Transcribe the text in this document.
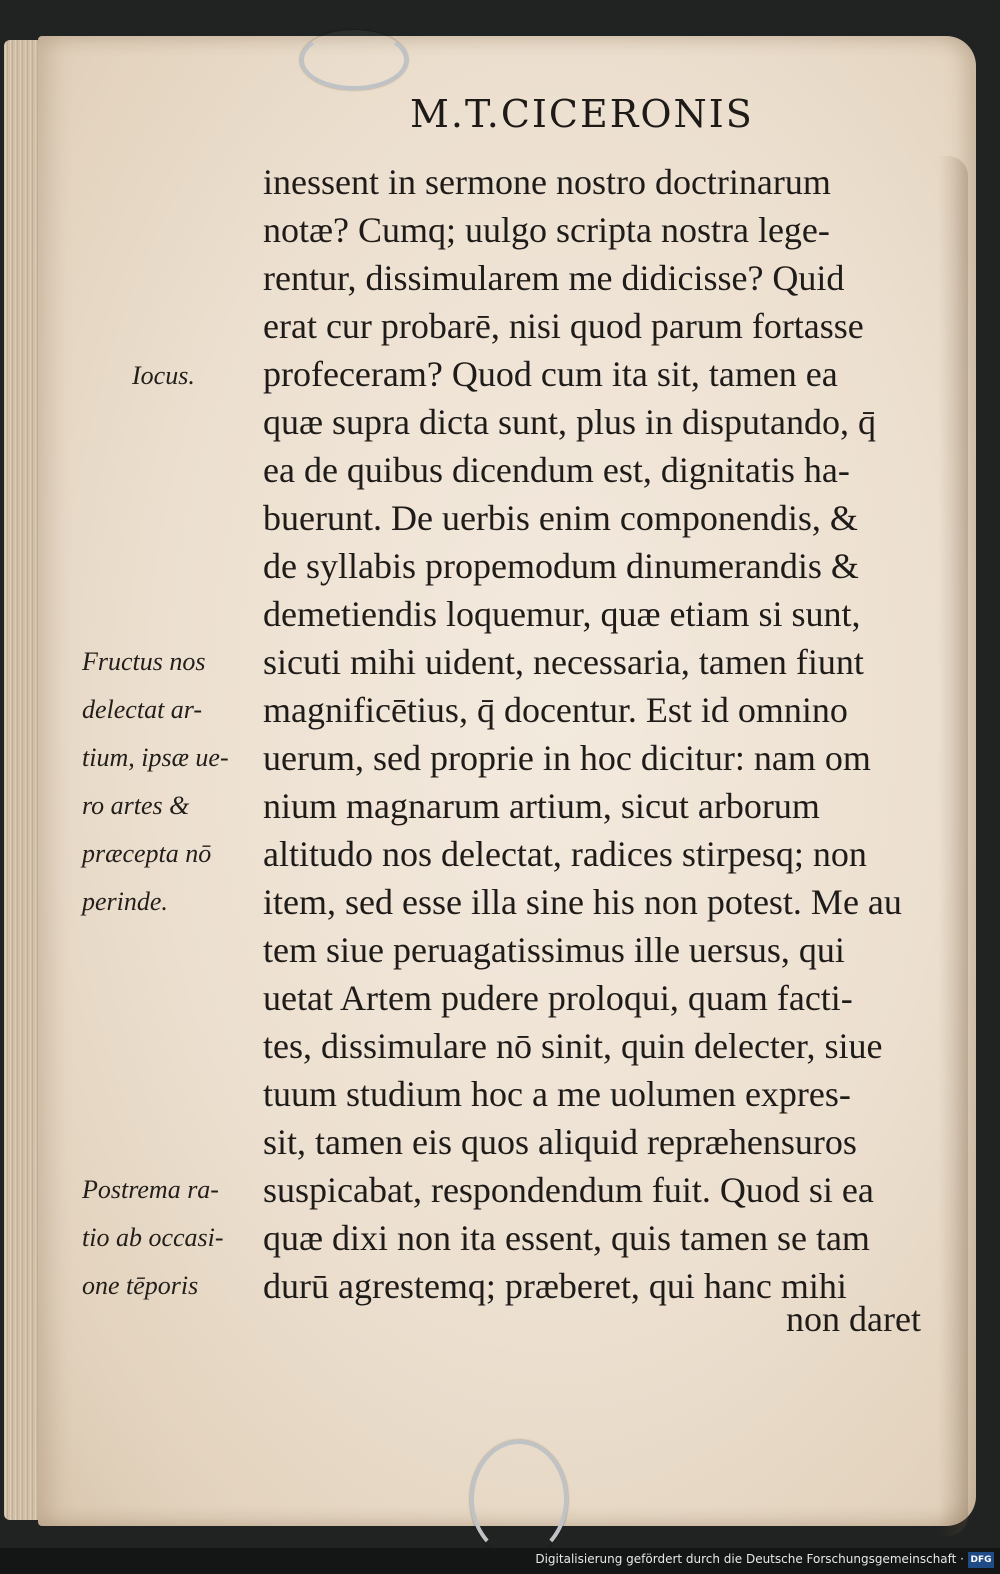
M.T.CICERONIS
inessent in sermone nostro doctrinarum
notæ? Cumq; uulgo scripta nostra lege-
rentur, dissimularem me didicisse? Quid
erat cur probarē, nisi quod parum fortasse
profeceram? Quod cum ita sit, tamen ea
quæ supra dicta sunt, plus in disputando, q̄
ea de quibus dicendum est, dignitatis ha-
buerunt. De uerbis enim componendis, &
de syllabis propemodum dinumerandis &
demetiendis loquemur, quæ etiam si sunt,
sicuti mihi uident, necessaria, tamen fiunt
magnificētius, q̄ docentur. Est id omnino
uerum, sed proprie in hoc dicitur: nam om
nium magnarum artium, sicut arborum
altitudo nos delectat, radices stirpesq; non
item, sed esse illa sine his non potest. Me au
tem siue peruagatissimus ille uersus, qui
uetat Artem pudere proloqui, quam facti-
tes, dissimulare nō sinit, quin delecter, siue
tuum studium hoc a me uolumen expres-
sit, tamen eis quos aliquid repræhensuros
suspicabat, respondendum fuit. Quod si ea
quæ dixi non ita essent, quis tamen se tam
durū agrestemq; præberet, qui hanc mihi
non daret
Iocus.
Fructus nos
delectat ar-
tium, ipsæ ue-
ro artes &
præcepta nō
perinde.
Postrema ra-
tio ab occasi-
one tēporis
Digitalisierung gefördert durch die Deutsche Forschungsgemeinschaft · DFG
